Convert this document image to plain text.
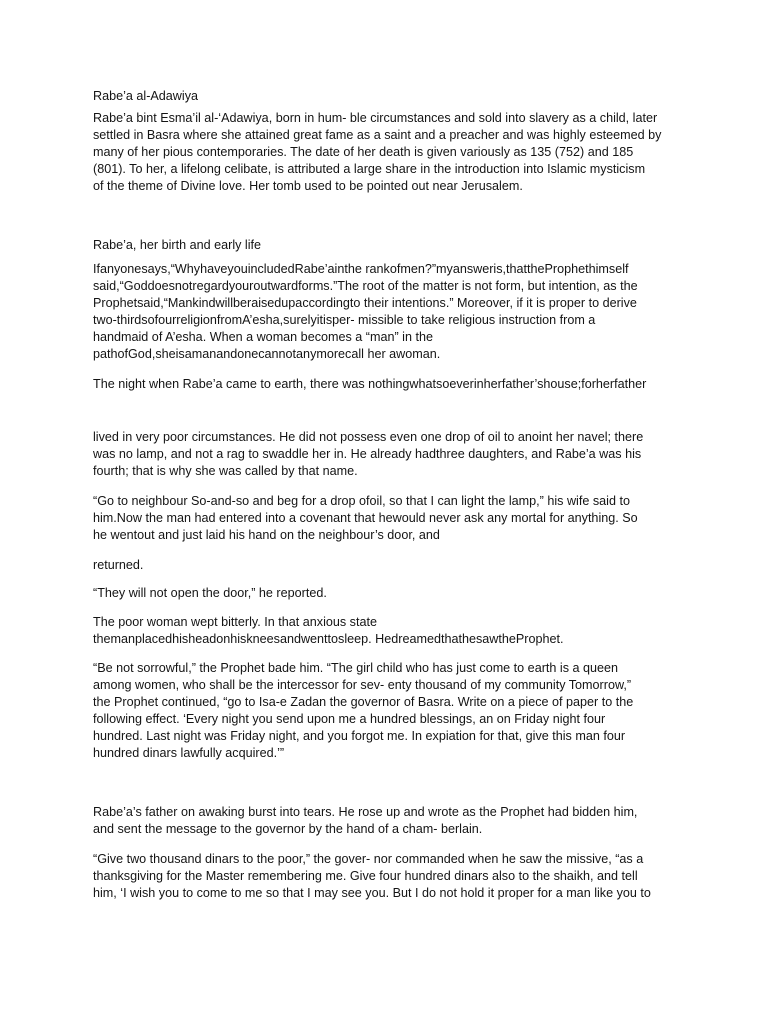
Rabe’a al-Adawiya

Rabe’a bint Esma’il al-‘Adawiya, born in hum- ble circumstances and sold into slavery as a child, later

settled in Basra where she attained great fame as a saint and a preacher and was highly esteemed by

many of her pious contemporaries. The date of her death is given variously as 135 (752) and 185

(801). To her, a lifelong celibate, is attributed a large share in the introduction into Islamic mysticism

of the theme of Divine love. Her tomb used to be pointed out near Jerusalem.

Rabe’a, her birth and early life

Ifanyonesays,“WhyhaveyouincludedRabe’ainthe rankofmen?”myansweris,thattheProphethimself

said,“Goddoesnotregardyouroutwardforms.”The root of the matter is not form, but intention, as the

Prophetsaid,“Mankindwillberaisedupaccordingto their intentions.” Moreover, if it is proper to derive

two-thirdsofourreligionfromA’esha,surelyitisper- missible to take religious instruction from a

handmaid of A’esha. When a woman becomes a “man” in the

pathofGod,sheisamanandonecannotanymorecall her awoman.

The night when Rabe’a came to earth, there was nothingwhatsoeverinherfather’shouse;forherfather

lived in very poor circumstances. He did not possess even one drop of oil to anoint her navel; there

was no lamp, and not a rag to swaddle her in. He already hadthree daughters, and Rabe’a was his

fourth; that is why she was called by that name.

“Go to neighbour So-and-so and beg for a drop ofoil, so that I can light the lamp,” his wife said to

him.Now the man had entered into a covenant that hewould never ask any mortal for anything. So

he wentout and just laid his hand on the neighbour’s door, and

returned.

“They will not open the door,” he reported.

The poor woman wept bitterly. In that anxious state

themanplacedhisheadonhiskneesandwenttosleep. HedreamedthathesawtheProphet.

“Be not sorrowful,” the Prophet bade him. “The girl child who has just come to earth is a queen

among women, who shall be the intercessor for sev- enty thousand of my community Tomorrow,”

the Prophet continued, “go to Isa-e Zadan the governor of Basra. Write on a piece of paper to the

following effect. ‘Every night you send upon me a hundred blessings, an on Friday night four

hundred. Last night was Friday night, and you forgot me. In expiation for that, give this man four

hundred dinars lawfully acquired.’”

Rabe’a’s father on awaking burst into tears. He rose up and wrote as the Prophet had bidden him,

and sent the message to the governor by the hand of a cham- berlain.

“Give two thousand dinars to the poor,” the gover- nor commanded when he saw the missive, “as a

thanksgiving for the Master remembering me. Give four hundred dinars also to the shaikh, and tell

him, ‘I wish you to come to me so that I may see you. But I do not hold it proper for a man like you to
